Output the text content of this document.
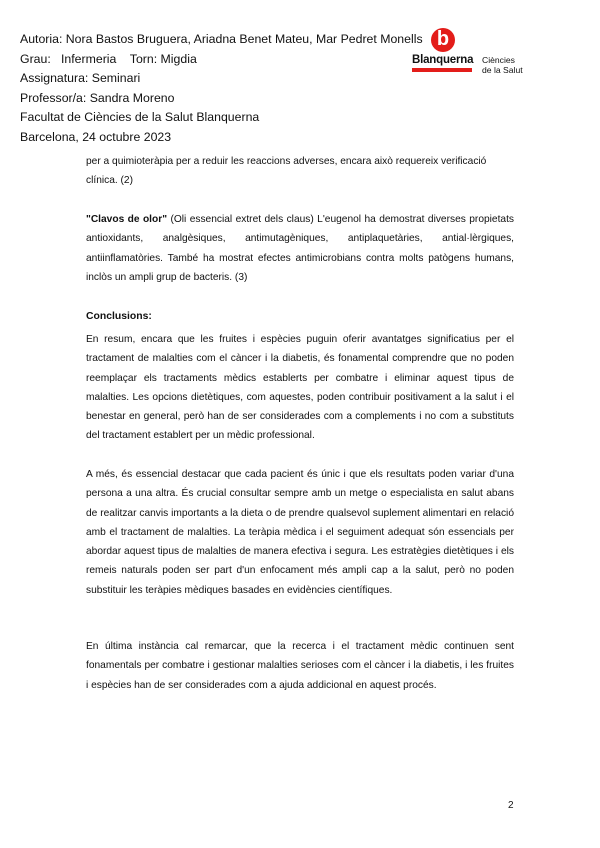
Autoria: Nora Bastos Bruguera, Ariadna Benet Mateu, Mar Pedret Monells
Grau:   Infermeria    Torn: Migdia
Assignatura: Seminari
Professor/a: Sandra Moreno
Facultat de Ciències de la Salut Blanquerna
Barcelona, 24 octubre 2023
b
Blanquerna Ciències
de la Salut
per a quimioteràpia per a reduir les reaccions adverses, encara això requereix verificació clínica. (2)
"Clavos de olor" (Oli essencial extret dels claus) L'eugenol ha demostrat diverses propietats antioxidants, analgèsiques, antimutagèniques, antiplaquetàries, antial·lèrgiques, antiinflamatòries. També ha mostrat efectes antimicrobians contra molts patògens humans, inclòs un ampli grup de bacteris. (3)
Conclusions:
En resum, encara que les fruites i espècies puguin oferir avantatges significatius per el tractament de malalties com el càncer i la diabetis, és fonamental comprendre que no poden reemplaçar els tractaments mèdics establerts per combatre i eliminar aquest tipus de malalties. Les opcions dietètiques, com aquestes, poden contribuir positivament a la salut i el benestar en general, però han de ser considerades com a complements i no com a substituts del tractament establert per un mèdic professional.
A més, és essencial destacar que cada pacient és únic i que els resultats poden variar d'una persona a una altra. És crucial consultar sempre amb un metge o especialista en salut abans de realitzar canvis importants a la dieta o de prendre qualsevol suplement alimentari en relació amb el tractament de malalties. La teràpia mèdica i el seguiment adequat són essencials per abordar aquest tipus de malalties de manera efectiva i segura. Les estratègies dietètiques i els remeis naturals poden ser part d'un enfocament més ampli cap a la salut, però no poden substituir les teràpies mèdiques basades en evidències científiques.
En última instància cal remarcar, que la recerca i el tractament mèdic continuen sent fonamentals per combatre i gestionar malalties serioses com el càncer i la diabetis, i les fruites i espècies han de ser considerades com a ajuda addicional en aquest procés.
2
